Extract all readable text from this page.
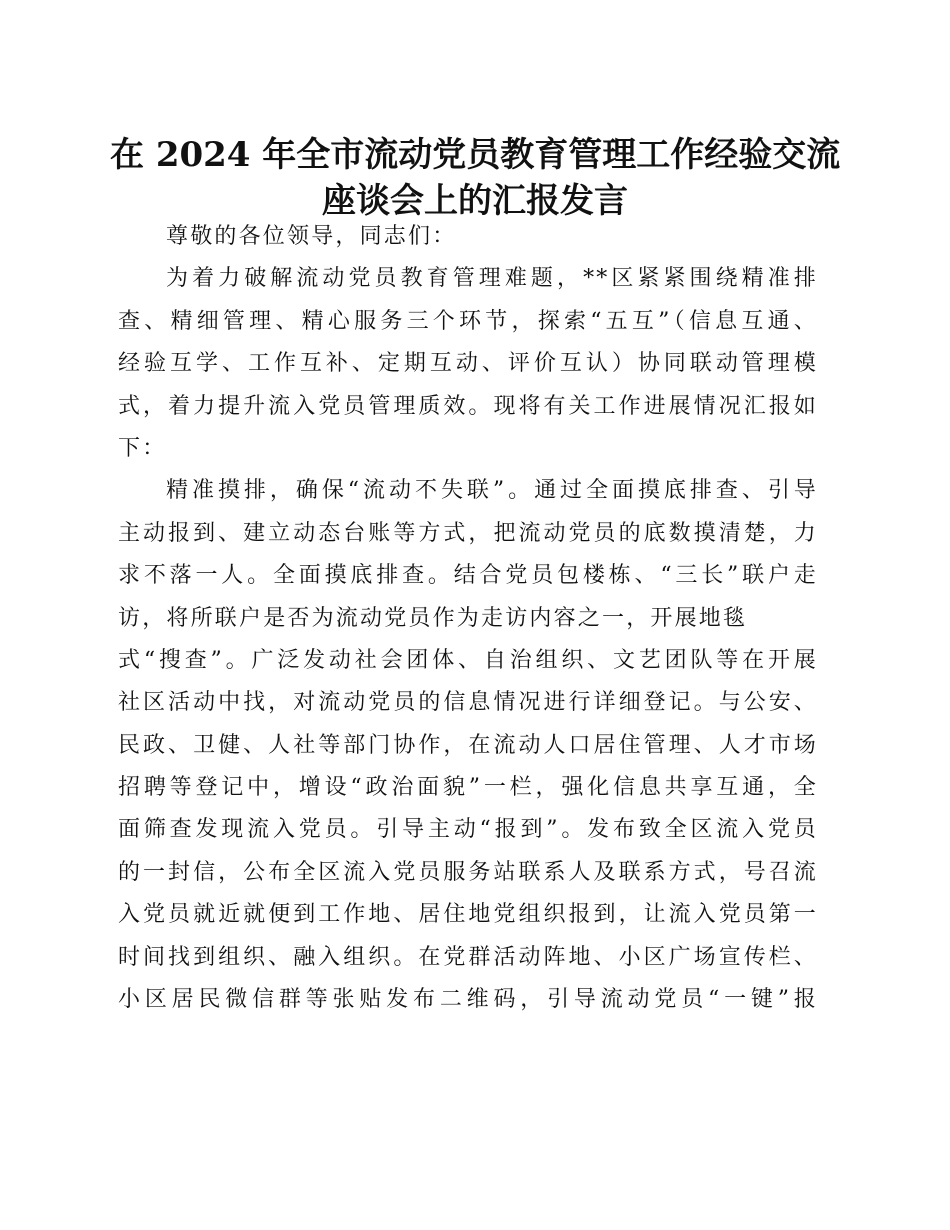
在 2024 年全市流动党员教育管理工作经验交流
座谈会上的汇报发言
尊敬的各位领导，同志们：
为着力破解流动党员教育管理难题，**区紧紧围绕精准排
查、精细管理、精心服务三个环节，探索“五互”（信息互通、
经验互学、工作互补、定期互动、评价互认）协同联动管理模
式，着力提升流入党员管理质效。现将有关工作进展情况汇报如
下：
精准摸排，确保“流动不失联”。通过全面摸底排查、引导
主动报到、建立动态台账等方式，把流动党员的底数摸清楚，力
求不落一人。全面摸底排查。结合党员包楼栋、“三长”联户走
访，将所联户是否为流动党员作为走访内容之一，开展地毯
式“搜查”。广泛发动社会团体、自治组织、文艺团队等在开展
社区活动中找，对流动党员的信息情况进行详细登记。与公安、
民政、卫健、人社等部门协作，在流动人口居住管理、人才市场
招聘等登记中，增设“政治面貌”一栏，强化信息共享互通，全
面筛查发现流入党员。引导主动“报到”。发布致全区流入党员
的一封信，公布全区流入党员服务站联系人及联系方式，号召流
入党员就近就便到工作地、居住地党组织报到，让流入党员第一
时间找到组织、融入组织。在党群活动阵地、小区广场宣传栏、
小区居民微信群等张贴发布二维码，引导流动党员“一键”报
